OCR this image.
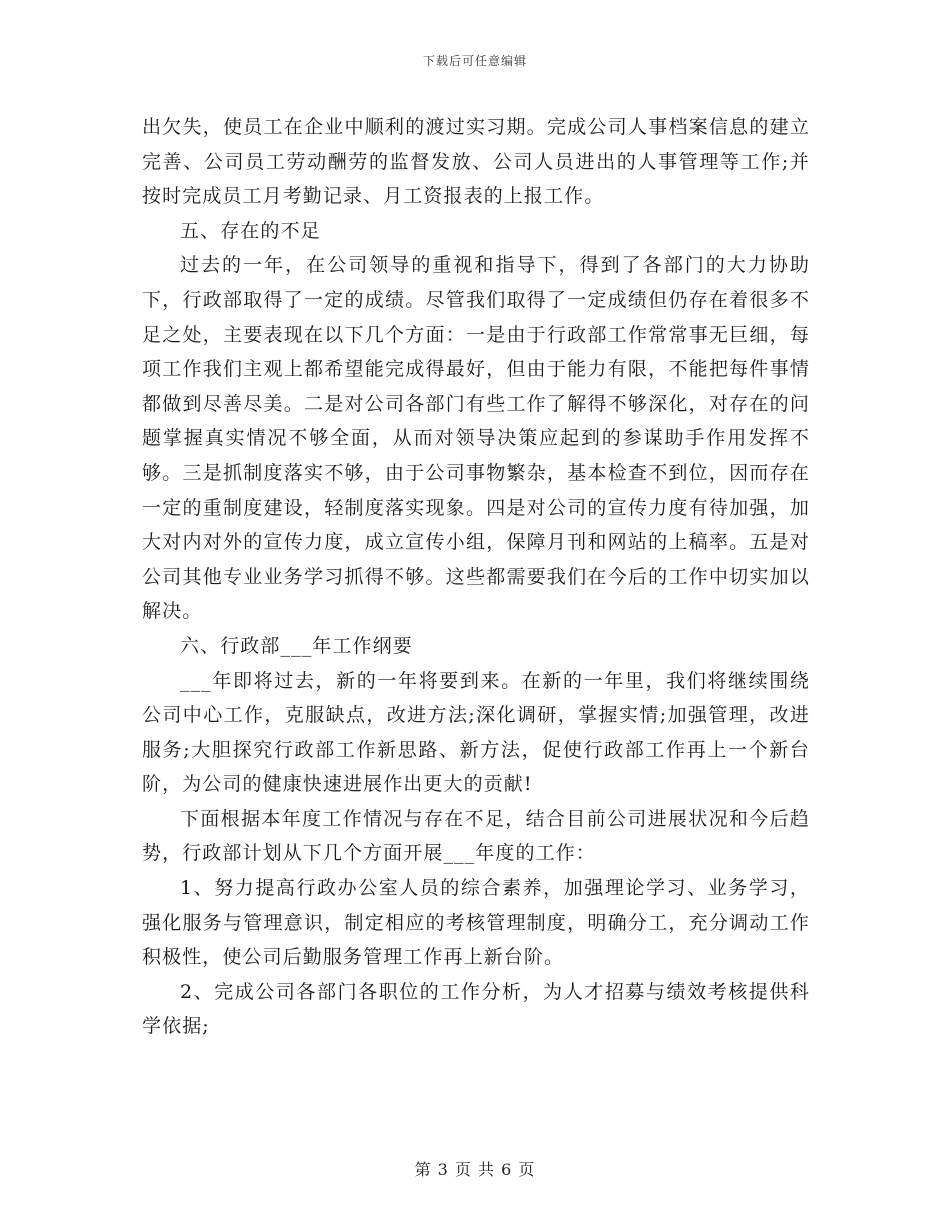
下载后可任意编辑

出欠失，使员工在企业中顺利的渡过实习期。完成公司人事档案信息的建立完善、公司员工劳动酬劳的监督发放、公司人员进出的人事管理等工作;并按时完成员工月考勤记录、月工资报表的上报工作。

五、存在的不足

过去的一年，在公司领导的重视和指导下，得到了各部门的大力协助下，行政部取得了一定的成绩。尽管我们取得了一定成绩但仍存在着很多不足之处，主要表现在以下几个方面：一是由于行政部工作常常事无巨细，每项工作我们主观上都希望能完成得最好，但由于能力有限，不能把每件事情都做到尽善尽美。二是对公司各部门有些工作了解得不够深化，对存在的问题掌握真实情况不够全面，从而对领导决策应起到的参谋助手作用发挥不够。三是抓制度落实不够，由于公司事物繁杂，基本检查不到位，因而存在一定的重制度建设，轻制度落实现象。四是对公司的宣传力度有待加强，加大对内对外的宣传力度，成立宣传小组，保障月刊和网站的上稿率。五是对公司其他专业业务学习抓得不够。这些都需要我们在今后的工作中切实加以解决。

六、行政部___年工作纲要

___年即将过去，新的一年将要到来。在新的一年里，我们将继续围绕公司中心工作，克服缺点，改进方法;深化调研，掌握实情;加强管理，改进服务;大胆探究行政部工作新思路、新方法，促使行政部工作再上一个新台阶，为公司的健康快速进展作出更大的贡献!

下面根据本年度工作情况与存在不足，结合目前公司进展状况和今后趋势，行政部计划从下几个方面开展___年度的工作：

1、努力提高行政办公室人员的综合素养，加强理论学习、业务学习，强化服务与管理意识，制定相应的考核管理制度，明确分工，充分调动工作积极性，使公司后勤服务管理工作再上新台阶。

2、完成公司各部门各职位的工作分析，为人才招募与绩效考核提供科学依据;

第 3 页 共 6 页
